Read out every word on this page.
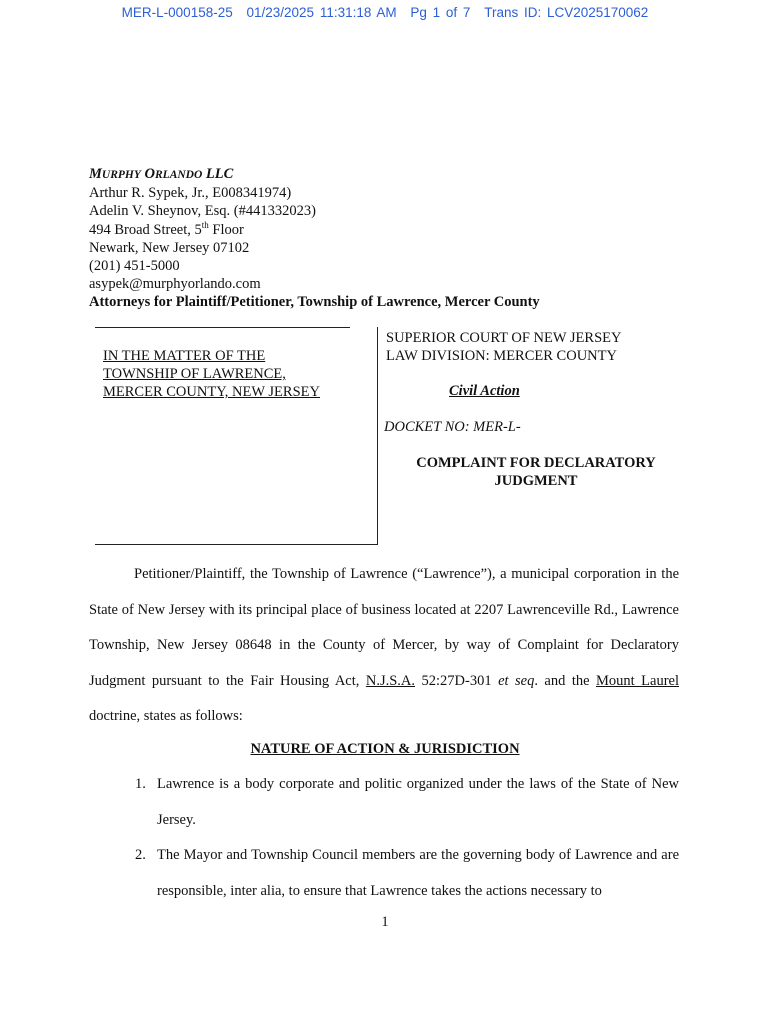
MER-L-000158-25 01/23/2025 11:31:18 AM Pg 1 of 7 Trans ID: LCV2025170062
MURPHY ORLANDO LLC
Arthur R. Sypek, Jr., E008341974)
Adelin V. Sheynov, Esq. (#441332023)
494 Broad Street, 5th Floor
Newark, New Jersey 07102
(201) 451-5000
asypek@murphyorlando.com
Attorneys for Plaintiff/Petitioner, Township of Lawrence, Mercer County
IN THE MATTER OF THE
TOWNSHIP OF LAWRENCE,
MERCER COUNTY, NEW JERSEY
SUPERIOR COURT OF NEW JERSEY
LAW DIVISION: MERCER COUNTY
Civil Action
DOCKET NO: MER-L-
COMPLAINT FOR DECLARATORY
JUDGMENT
Petitioner/Plaintiff, the Township of Lawrence (“Lawrence”), a municipal corporation in the State of New Jersey with its principal place of business located at 2207 Lawrenceville Rd., Lawrence Township, New Jersey 08648 in the County of Mercer, by way of Complaint for Declaratory Judgment pursuant to the Fair Housing Act, N.J.S.A. 52:27D-301 et seq. and the Mount Laurel doctrine, states as follows:
NATURE OF ACTION & JURISDICTION
1. Lawrence is a body corporate and politic organized under the laws of the State of New Jersey.
2. The Mayor and Township Council members are the governing body of Lawrence and are responsible, inter alia, to ensure that Lawrence takes the actions necessary to
1
